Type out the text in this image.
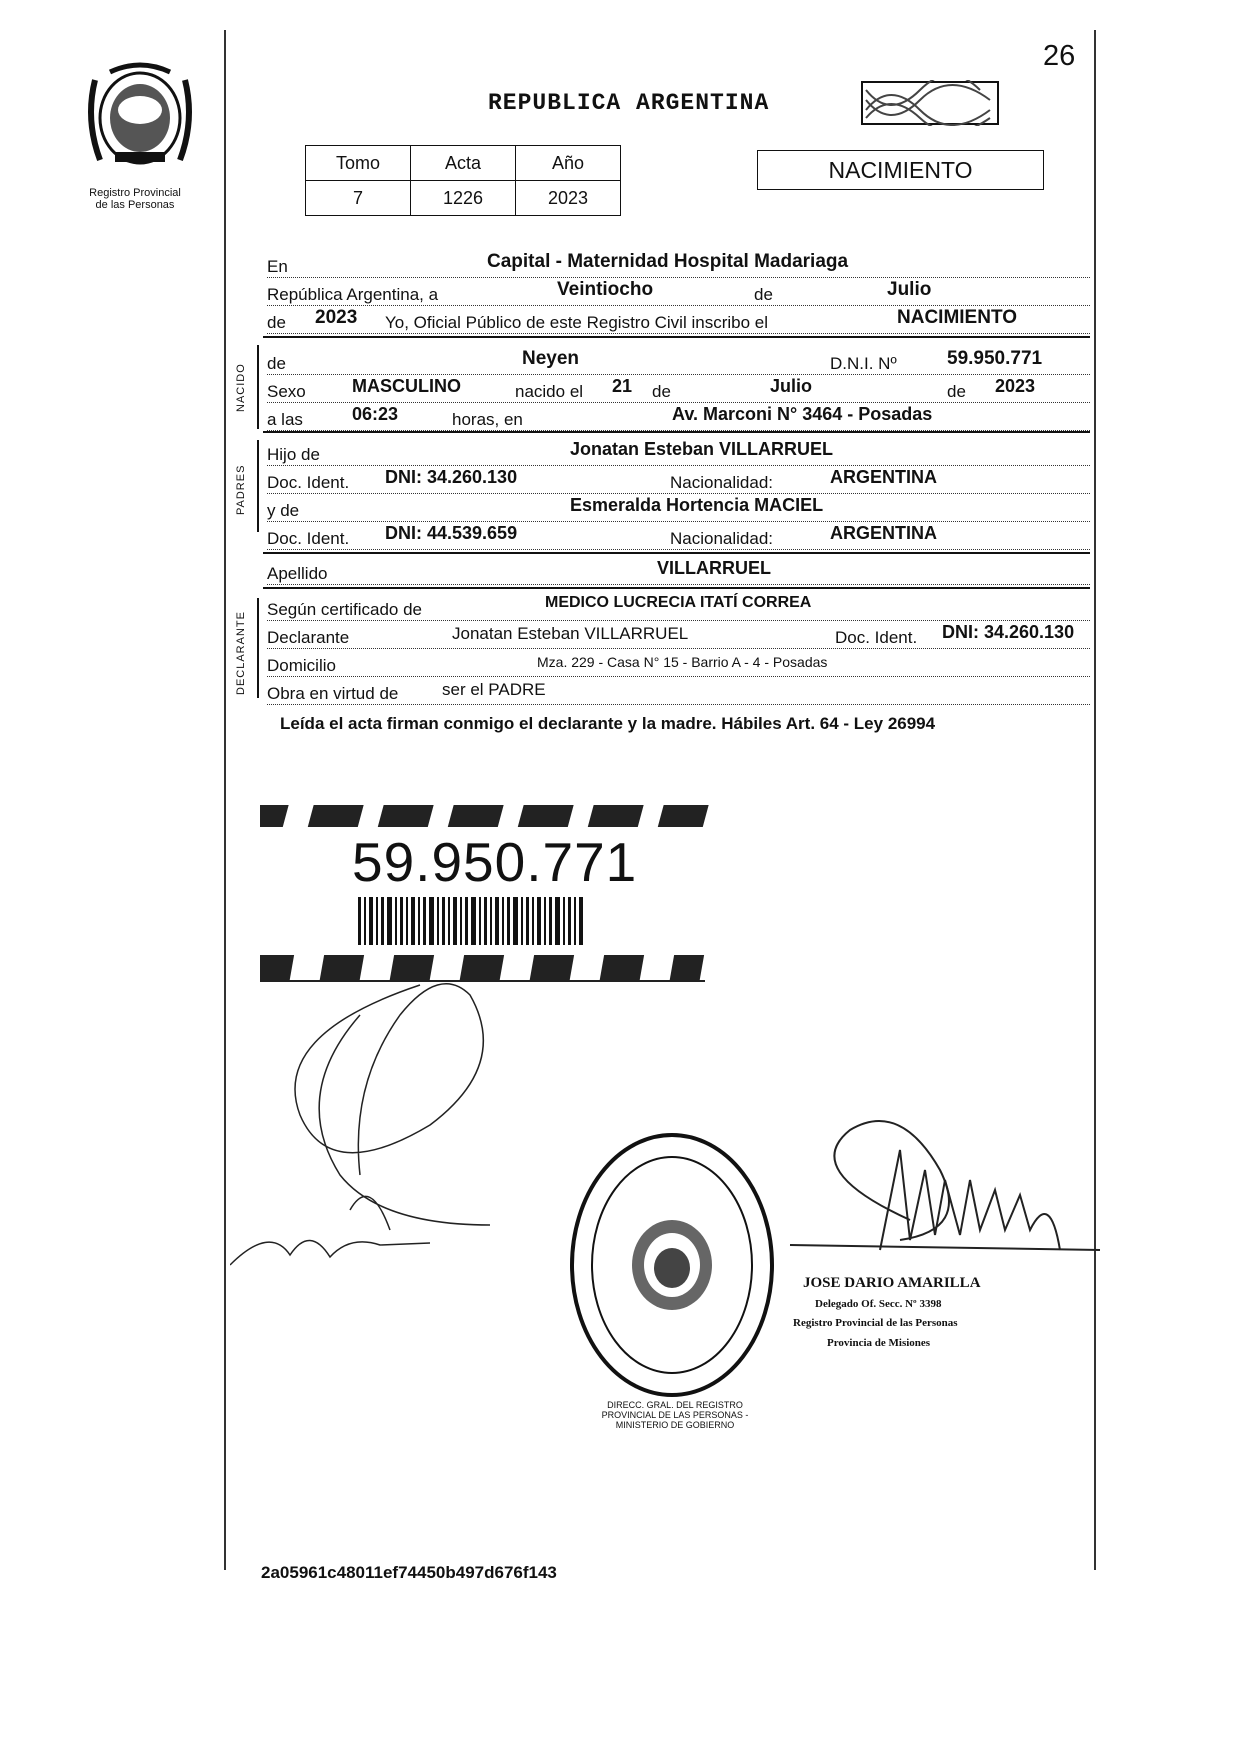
Registro Provincial
de las Personas
26
REPUBLICA ARGENTINA
Tomo	Acta	Año
7	1226	2023
NACIMIENTO
En	Capital - Maternidad Hospital Madariaga
República Argentina, a	Veintiocho	de	Julio
de 2023 Yo, Oficial Público de este Registro Civil inscribo el	NACIMIENTO
NACIDO de	Neyen	D.N.I. Nº	59.950.771
Sexo	MASCULINO	nacido el 21 de	Julio	de 2023
a las	06:23	horas, en	Av. Marconi N° 3464 - Posadas
PADRES
Hijo de	Jonatan Esteban VILLARRUEL
Doc. Ident. DNI: 34.260.130	Nacionalidad:	ARGENTINA
y de	Esmeralda Hortencia MACIEL
Doc. Ident. DNI: 44.539.659	Nacionalidad:	ARGENTINA
Apellido	VILLARRUEL
DECLARANTE
Según certificado de	MEDICO LUCRECIA ITATÍ CORREA
Declarante	Jonatan Esteban VILLARRUEL	Doc. Ident. DNI: 34.260.130
Domicilio	Mza. 229 - Casa N° 15 - Barrio A - 4 - Posadas
Obra en virtud de	ser el PADRE
Leída el acta firman conmigo el declarante y la madre. Hábiles Art. 64 - Ley 26994
59.950.771
DIRECC. GRAL. DEL REGISTRO PROVINCIAL DE LAS PERSONAS - MINISTERIO DE GOBIERNO
JOSE DARIO AMARILLA
Delegado Of. Secc. Nº 3398
Registro Provincial de las Personas
Provincia de Misiones
2a05961c48011ef74450b497d676f143
